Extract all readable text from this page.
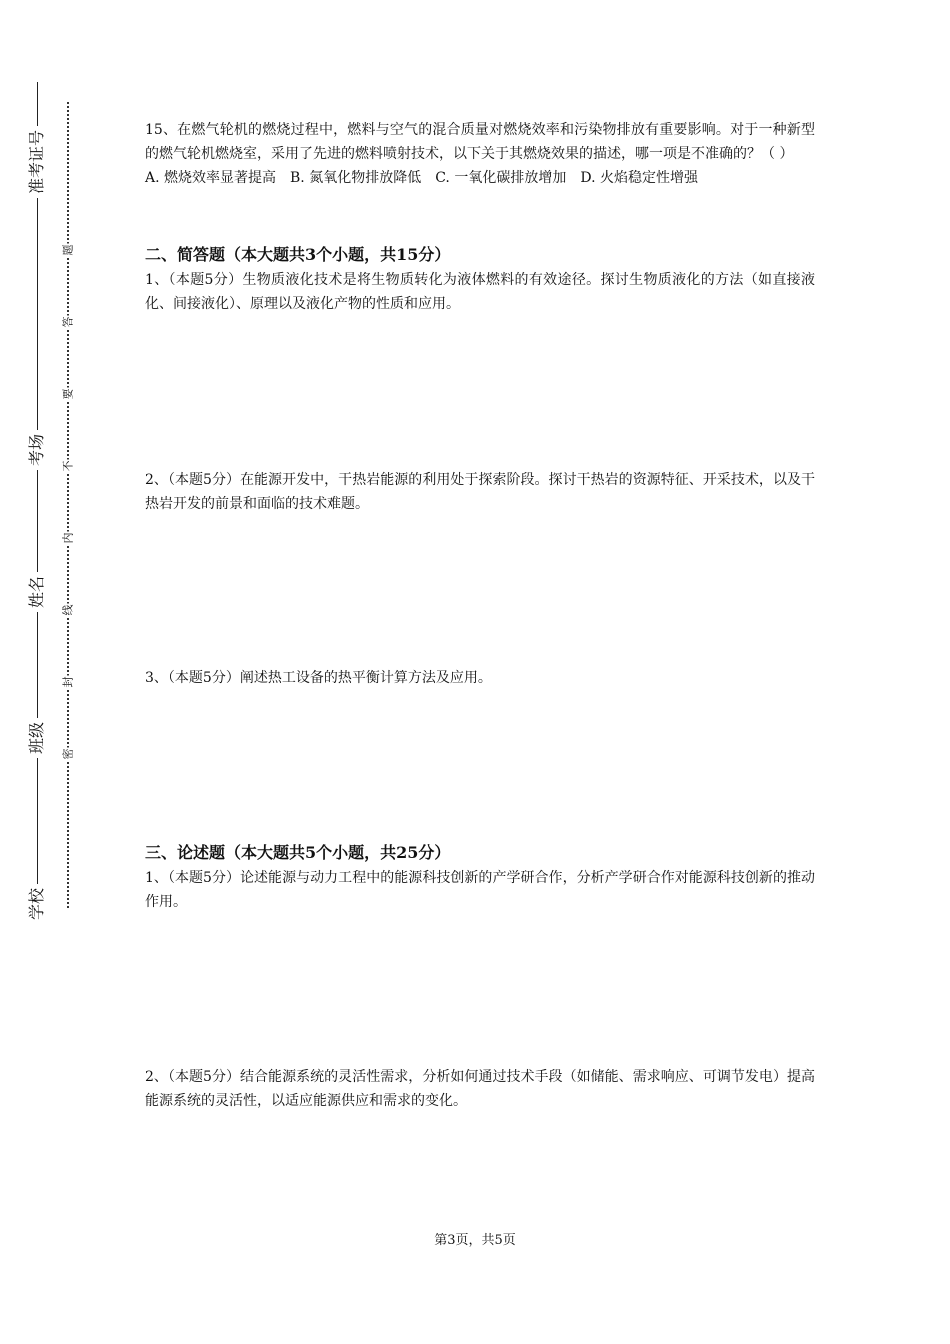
准考证号
考场
姓名
班级
学校
题
答
要
不
内
线
封
密

15、在燃气轮机的燃烧过程中，燃料与空气的混合质量对燃烧效率和污染物排放有重要影响。对于一种新型的燃气轮机燃烧室，采用了先进的燃料喷射技术，以下关于其燃烧效果的描述，哪一项是不准确的？（ ）

A. 燃烧效率显著提高 B. 氮氧化物排放降低 C. 一氧化碳排放增加 D. 火焰稳定性增强

二、简答题（本大题共3个小题，共15分）

1、（本题5分）生物质液化技术是将生物质转化为液体燃料的有效途径。探讨生物质液化的方法（如直接液化、间接液化）、原理以及液化产物的性质和应用。

2、（本题5分）在能源开发中，干热岩能源的利用处于探索阶段。探讨干热岩的资源特征、开采技术，以及干热岩开发的前景和面临的技术难题。

3、（本题5分）阐述热工设备的热平衡计算方法及应用。

三、论述题（本大题共5个小题，共25分）

1、（本题5分）论述能源与动力工程中的能源科技创新的产学研合作，分析产学研合作对能源科技创新的推动作用。

2、（本题5分）结合能源系统的灵活性需求，分析如何通过技术手段（如储能、需求响应、可调节发电）提高能源系统的灵活性，以适应能源供应和需求的变化。

第3页，共5页
